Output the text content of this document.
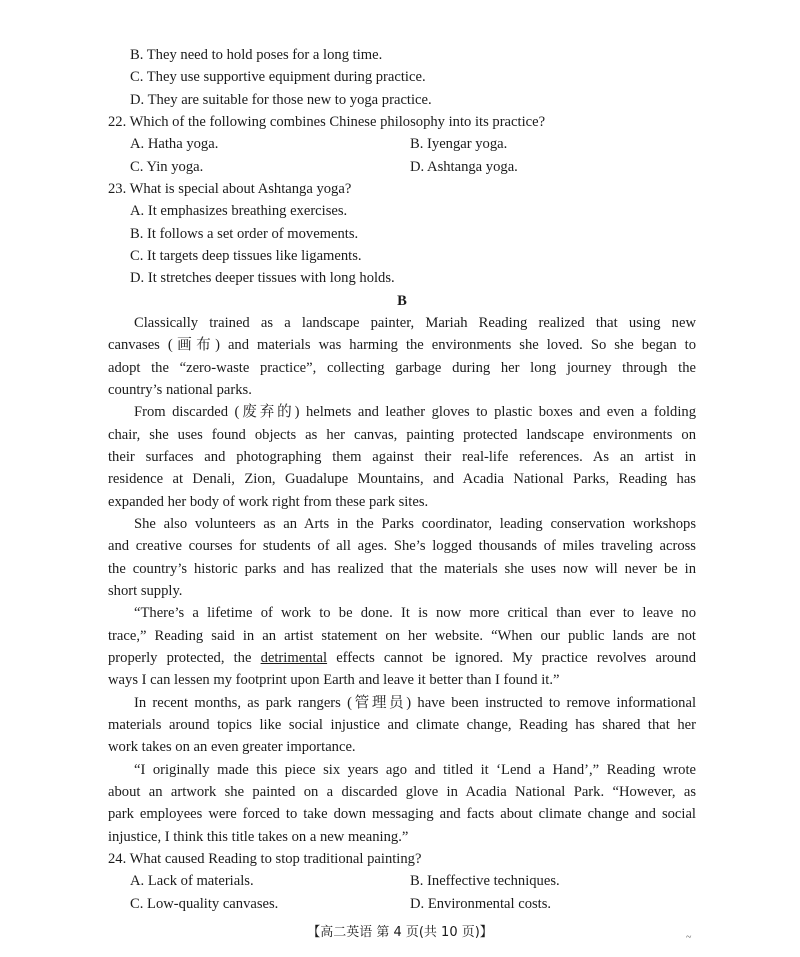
B. They need to hold poses for a long time.
C. They use supportive equipment during practice.
D. They are suitable for those new to yoga practice.
22. Which of the following combines Chinese philosophy into its practice?
A. Hatha yoga.	B. Iyengar yoga.
C. Yin yoga.	D. Ashtanga yoga.
23. What is special about Ashtanga yoga?
A. It emphasizes breathing exercises.
B. It follows a set order of movements.
C. It targets deep tissues like ligaments.
D. It stretches deeper tissues with long holds.
B
Classically trained as a landscape painter, Mariah Reading realized that using new
canvases (画布) and materials was harming the environments she loved. So she began to
adopt the “zero-waste practice”, collecting garbage during her long journey through the
country’s national parks.
From discarded (废弃的) helmets and leather gloves to plastic boxes and even a folding
chair, she uses found objects as her canvas, painting protected landscape environments on
their surfaces and photographing them against their real-life references. As an artist in
residence at Denali, Zion, Guadalupe Mountains, and Acadia National Parks, Reading has
expanded her body of work right from these park sites.
She also volunteers as an Arts in the Parks coordinator, leading conservation workshops
and creative courses for students of all ages. She’s logged thousands of miles traveling across
the country’s historic parks and has realized that the materials she uses now will never be in
short supply.
“There’s a lifetime of work to be done. It is now more critical than ever to leave no
trace,” Reading said in an artist statement on her website. “When our public lands are not
properly protected, the detrimental effects cannot be ignored. My practice revolves around
ways I can lessen my footprint upon Earth and leave it better than I found it.”
In recent months, as park rangers (管理员) have been instructed to remove informational
materials around topics like social injustice and climate change, Reading has shared that her
work takes on an even greater importance.
“I originally made this piece six years ago and titled it ‘Lend a Hand’,” Reading wrote
about an artwork she painted on a discarded glove in Acadia National Park. “However, as
park employees were forced to take down messaging and facts about climate change and social
injustice, I think this title takes on a new meaning.”
24. What caused Reading to stop traditional painting?
A. Lack of materials.	B. Ineffective techniques.
C. Low-quality canvases.	D. Environmental costs.
【高二英语 第 4 页(共 10 页)】	~
